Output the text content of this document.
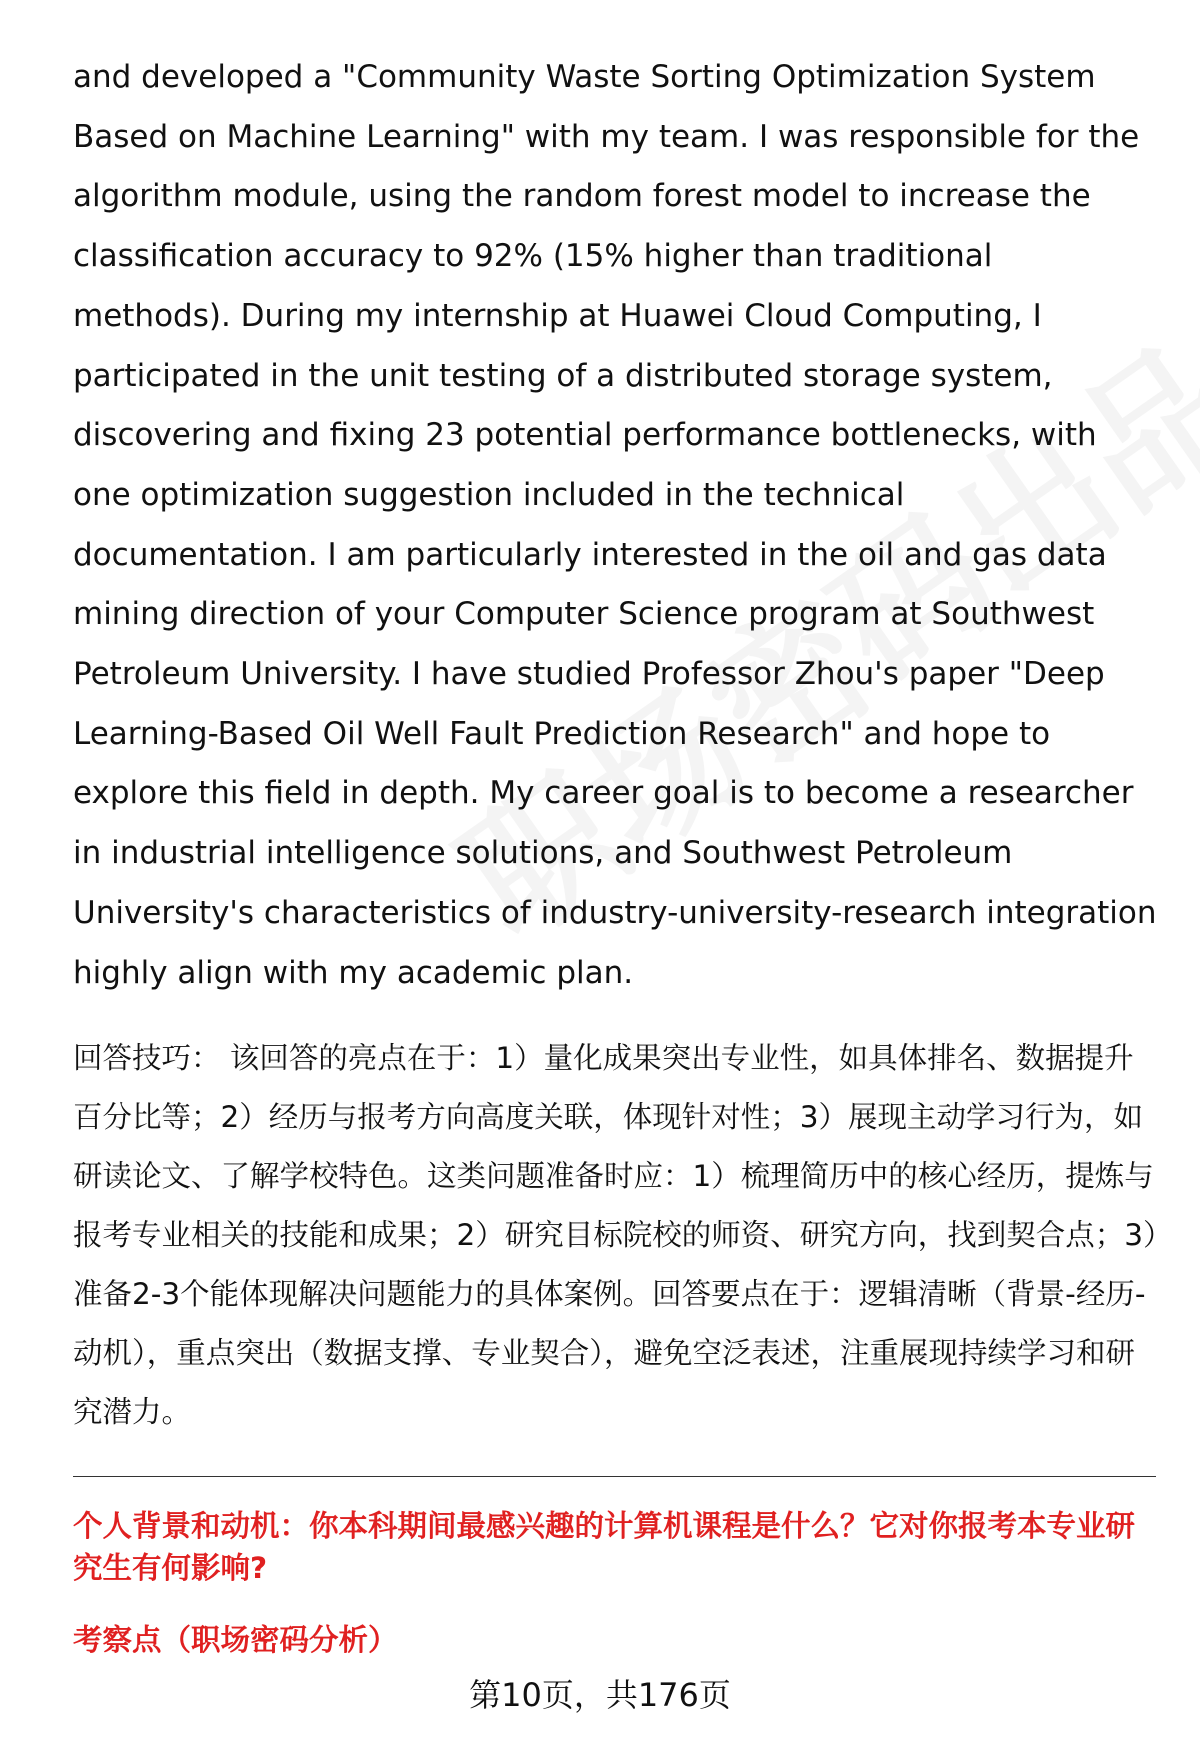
and developed a "Community Waste Sorting Optimization System Based on Machine Learning" with my team. I was responsible for the algorithm module, using the random forest model to increase the classification accuracy to 92% (15% higher than traditional methods). During my internship at Huawei Cloud Computing, I participated in the unit testing of a distributed storage system, discovering and fixing 23 potential performance bottlenecks, with one optimization suggestion included in the technical documentation. I am particularly interested in the oil and gas data mining direction of your Computer Science program at Southwest Petroleum University. I have studied Professor Zhou's paper "Deep Learning-Based Oil Well Fault Prediction Research" and hope to explore this field in depth. My career goal is to become a researcher in industrial intelligence solutions, and Southwest Petroleum University's characteristics of industry-university-research integration highly align with my academic plan.

回答技巧： 该回答的亮点在于：1）量化成果突出专业性，如具体排名、数据提升百分比等；2）经历与报考方向高度关联，体现针对性；3）展现主动学习行为，如研读论文、了解学校特色。这类问题准备时应：1）梳理简历中的核心经历，提炼与报考专业相关的技能和成果；2）研究目标院校的师资、研究方向，找到契合点；3）准备2-3个能体现解决问题能力的具体案例。回答要点在于：逻辑清晰（背景-经历-动机），重点突出（数据支撑、专业契合），避免空泛表述，注重展现持续学习和研究潜力。

个人背景和动机：你本科期间最感兴趣的计算机课程是什么？它对你报考本专业研究生有何影响?

考察点（职场密码分析）

第10页，共176页
